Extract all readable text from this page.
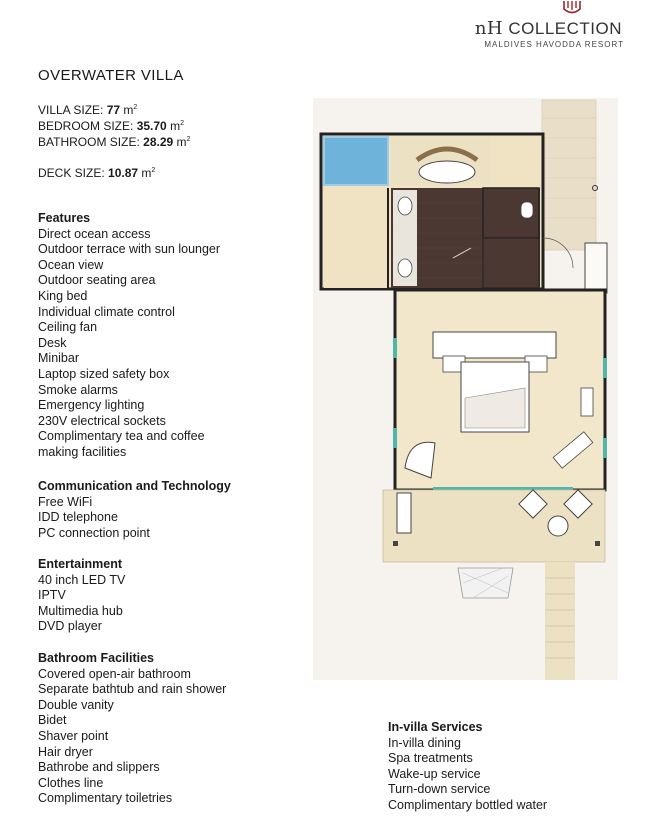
nH COLLECTION
MALDIVES HAVODDA RESORT
OVERWATER VILLA
VILLA SIZE: 77 $m^2$
BEDROOM SIZE: 35.70 $m^2$
BATHROOM SIZE: 28.29 $m^2$
DECK SIZE: 10.87 $m^2$
Features
Direct ocean access
Outdoor terrace with sun lounger
Ocean view
Outdoor seating area
King bed
Individual climate control
Ceiling fan
Desk
Minibar
Laptop sized safety box
Smoke alarms
Emergency lighting
230V electrical sockets
Complimentary tea and coffee
making facilities
Communication and Technology
Free WiFi
IDD telephone
PC connection point
Entertainment
40 inch LED TV
IPTV
Multimedia hub
DVD player
Bathroom Facilities
Covered open-air bathroom
Separate bathtub and rain shower
Double vanity
Bidet
Shaver point
Hair dryer
Bathrobe and slippers
Clothes line
Complimentary toiletries
In-villa Services
In-villa dining
Spa treatments
Wake-up service
Turn-down service
Complimentary bottled water
